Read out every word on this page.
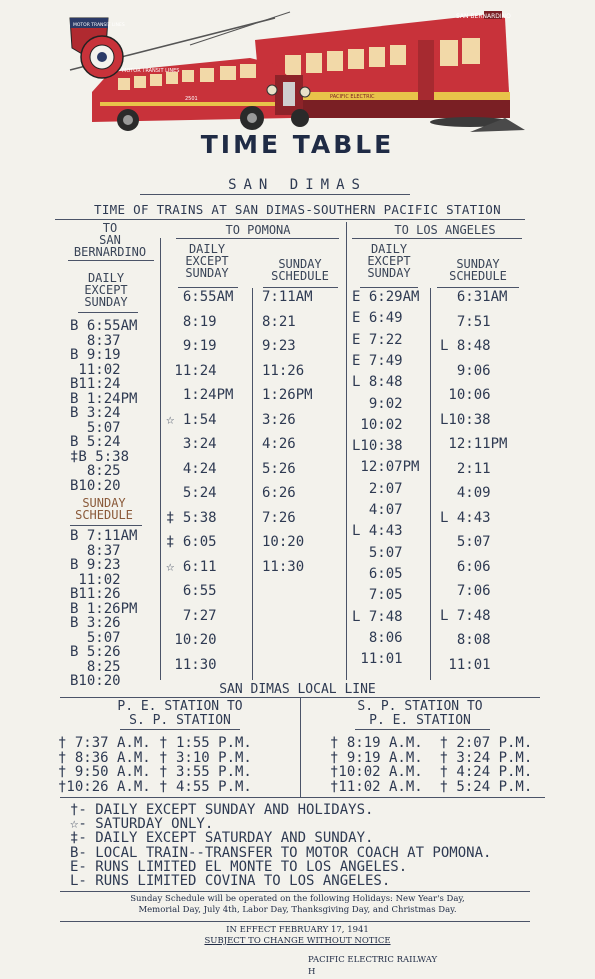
SAN BERNARDINO
PACIFIC ELECTRIC
MOTOR TRANSIT LINES
2501
MOTOR TRANSIT LINES
TIME TABLE
SAN DIMAS
TIME OF TRAINS AT SAN DIMAS-SOUTHERN PACIFIC STATION
TO
SAN
BERNARDINO
TO POMONA	TO LOS ANGELES
DAILY
EXCEPT
SUNDAY
SUNDAY
SCHEDULE
DAILY
EXCEPT
SUNDAY
SUNDAY
SCHEDULE
DAILY
EXCEPT
SUNDAY
B 6:55AM
8:37
B 9:19
11:02
B11:24
B 1:24PM
B 3:24
5:07
B 5:24
‡B 5:38
8:25
B10:20
SUNDAY
SCHEDULE
B 7:11AM
8:37
B 9:23
11:02
B11:26
B 1:26PM
B 3:26
5:07
B 5:26
8:25
B10:20
6:55AM
8:19
9:19
11:24
1:24PM
☆ 1:54
3:24
4:24
5:24
‡ 5:38
‡ 6:05
☆ 6:11
6:55
7:27
10:20
11:30
7:11AM
8:21
9:23
11:26
1:26PM
3:26
4:26
5:26
6:26
7:26
10:20
11:30
E 6:29AM
E 6:49
E 7:22
E 7:49
L 8:48
9:02
10:02
L10:38
12:07PM
2:07
4:07
L 4:43
5:07
6:05
7:05
L 7:48
8:06
11:01
6:31AM
7:51
L 8:48
9:06
10:06
L10:38
12:11PM
2:11
4:09
L 4:43
5:07
6:06
7:06
L 7:48
8:08
11:01
SAN DIMAS LOCAL LINE
P. E. STATION TO
S. P. STATION
S. P. STATION TO
P. E. STATION
† 7:37 A.M. † 1:55 P.M.
† 8:36 A.M. † 3:10 P.M.
† 9:50 A.M. † 3:55 P.M.
†10:26 A.M. † 4:55 P.M.
† 8:19 A.M.  † 2:07 P.M.
† 9:19 A.M.  † 3:24 P.M.
†10:02 A.M.  † 4:24 P.M.
†11:02 A.M.  † 5:24 P.M.
†- DAILY EXCEPT SUNDAY AND HOLIDAYS.
☆- SATURDAY ONLY.
‡- DAILY EXCEPT SATURDAY AND SUNDAY.
B- LOCAL TRAIN--TRANSFER TO MOTOR COACH AT POMONA.
E- RUNS LIMITED EL MONTE TO LOS ANGELES.
L- RUNS LIMITED COVINA TO LOS ANGELES.
Sunday Schedule will be operated on the following Holidays: New Year's Day,
Memorial Day, July 4th, Labor Day, Thanksgiving Day, and Christmas Day.
IN EFFECT FEBRUARY 17, 1941
SUBJECT TO CHANGE WITHOUT NOTICE
PACIFIC ELECTRIC RAILWAY
H
